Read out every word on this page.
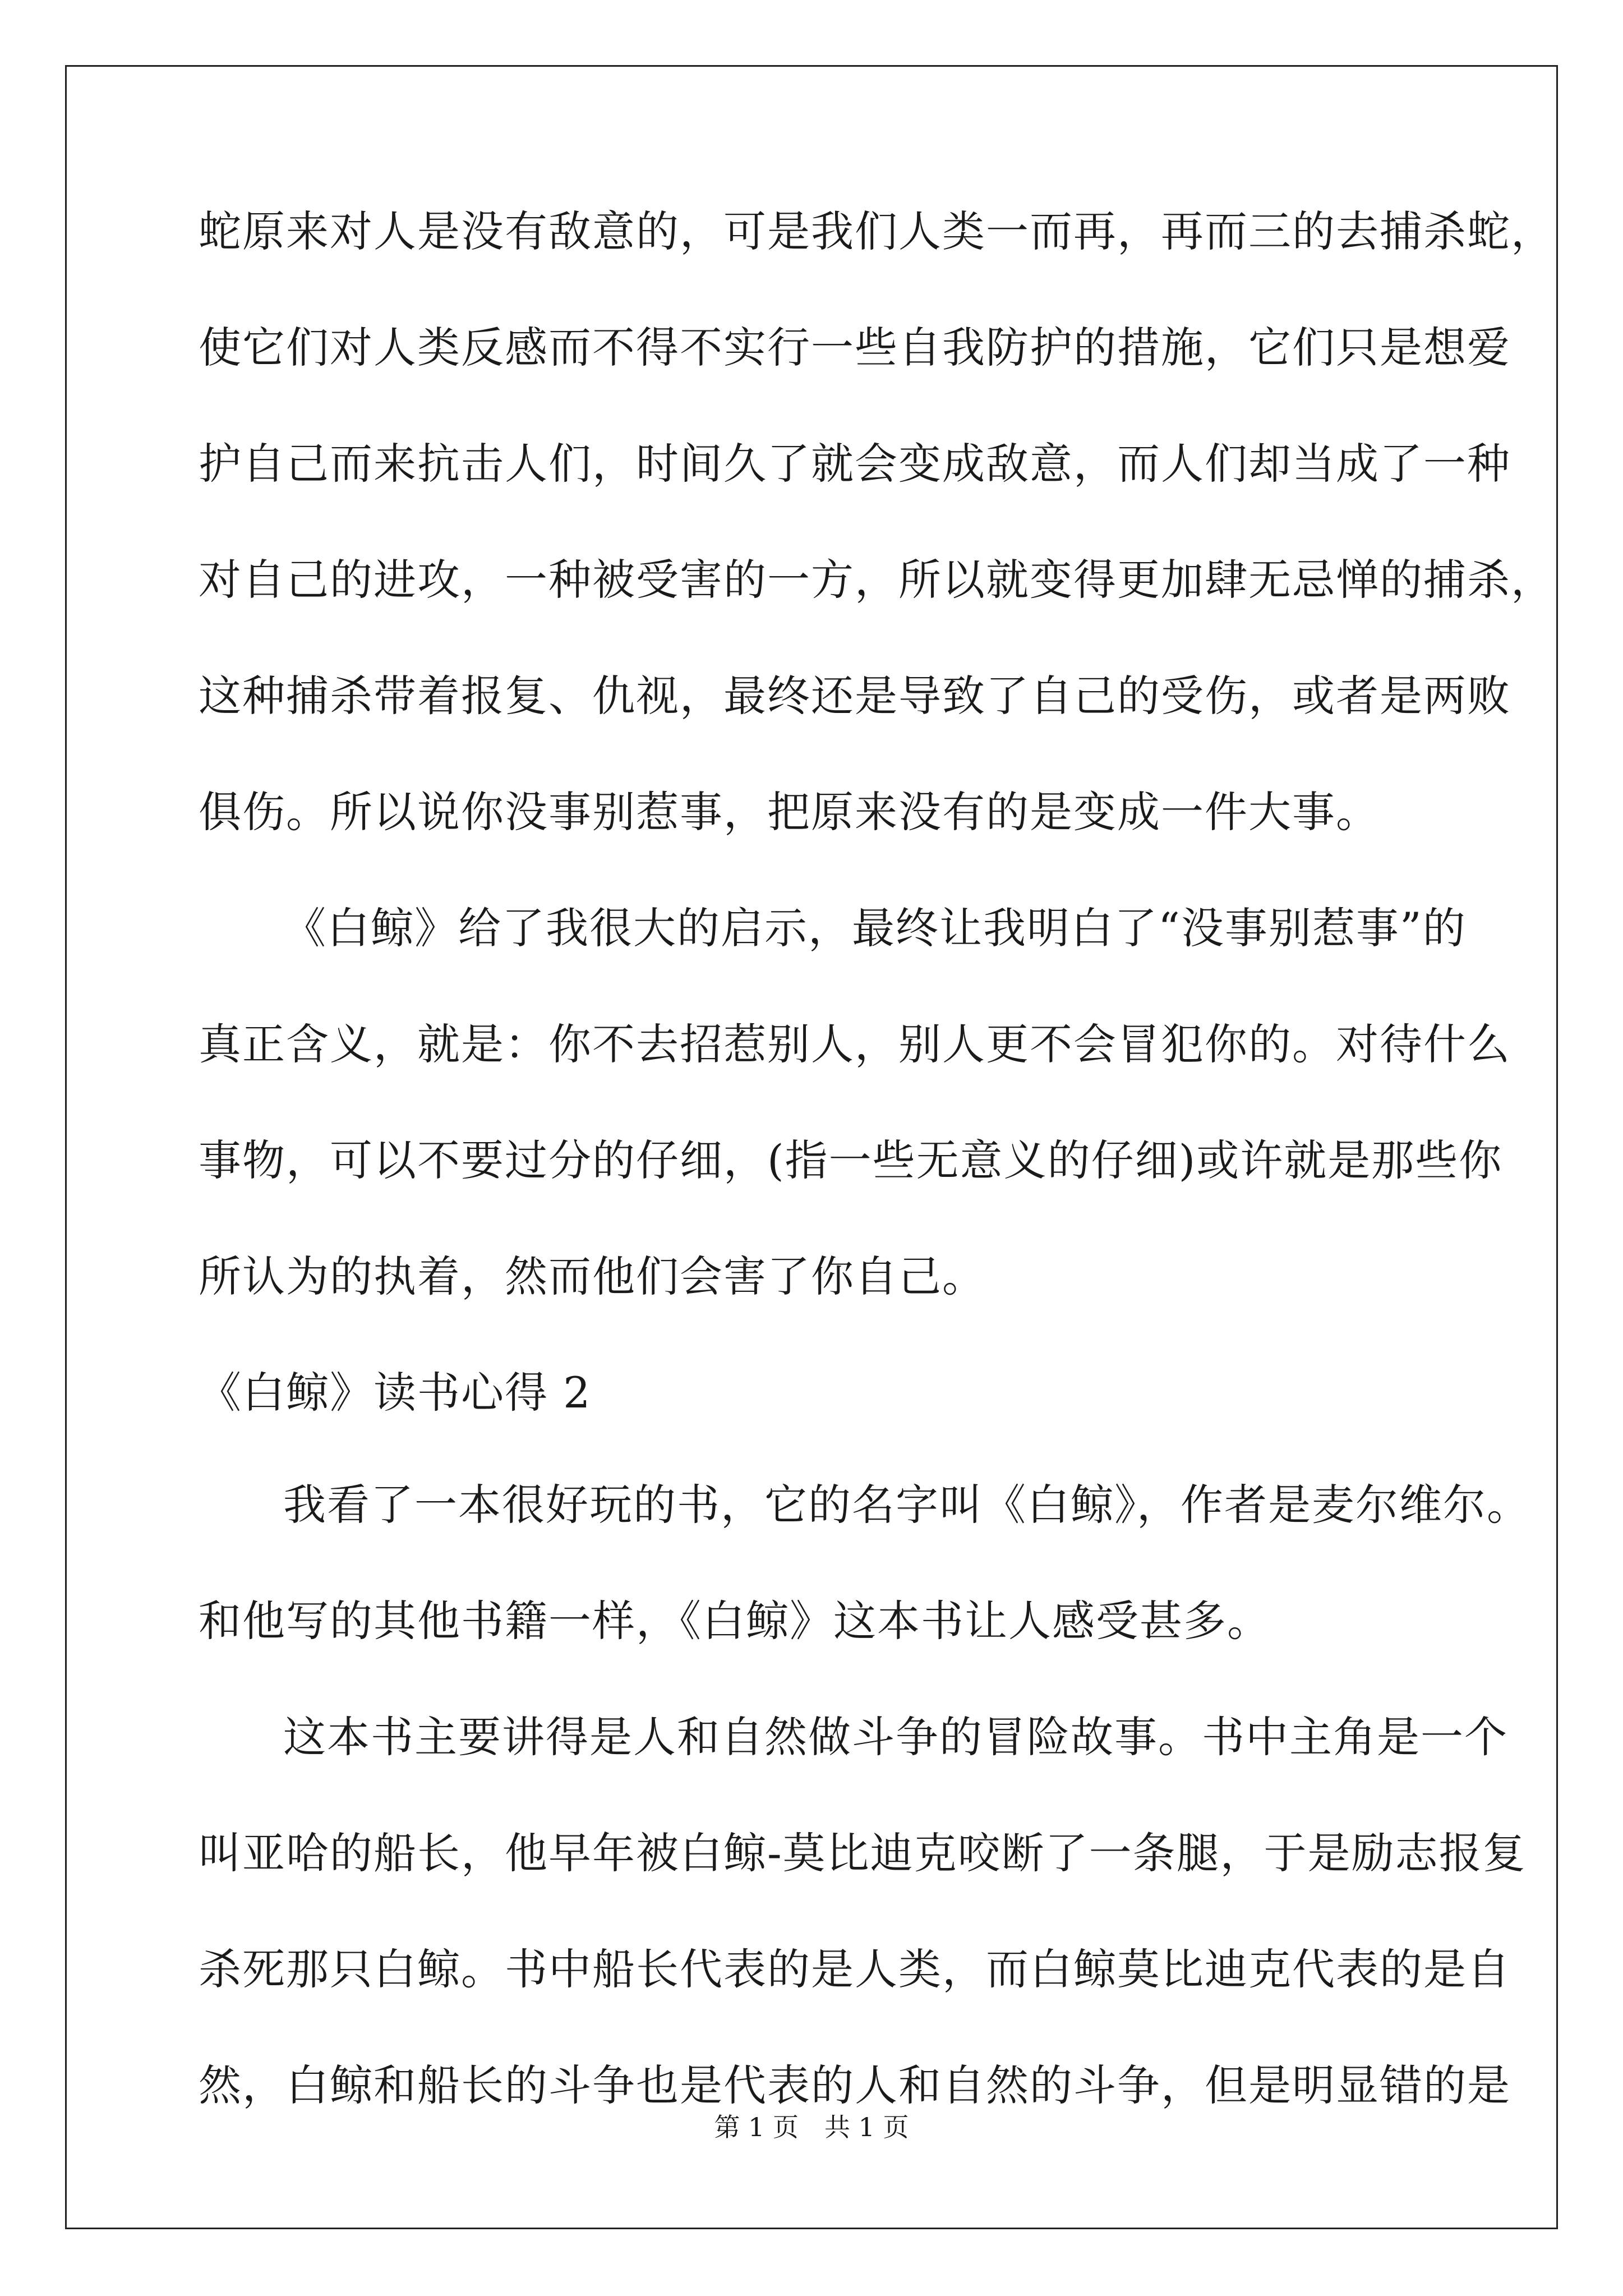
蛇原来对人是没有敌意的，可是我们人类一而再，再而三的去捕杀蛇，
使它们对人类反感而不得不实行一些自我防护的措施，它们只是想爱
护自己而来抗击人们，时间久了就会变成敌意，而人们却当成了一种
对自己的进攻，一种被受害的一方，所以就变得更加肆无忌惮的捕杀，
这种捕杀带着报复、仇视，最终还是导致了自己的受伤，或者是两败
俱伤。所以说你没事别惹事，把原来没有的是变成一件大事。
《白鲸》给了我很大的启示，最终让我明白了“没事别惹事”的
真正含义，就是：你不去招惹别人，别人更不会冒犯你的。对待什么
事物，可以不要过分的仔细，(指一些无意义的仔细)或许就是那些你
所认为的执着，然而他们会害了你自己。
《白鲸》读书心得 2
我看了一本很好玩的书，它的名字叫《白鲸》，作者是麦尔维尔。
和他写的其他书籍一样，《白鲸》这本书让人感受甚多。
这本书主要讲得是人和自然做斗争的冒险故事。书中主角是一个
叫亚哈的船长，他早年被白鲸-莫比迪克咬断了一条腿，于是励志报复
杀死那只白鲸。书中船长代表的是人类，而白鲸莫比迪克代表的是自
然，白鲸和船长的斗争也是代表的人和自然的斗争，但是明显错的是
第 1 页　共 1 页
